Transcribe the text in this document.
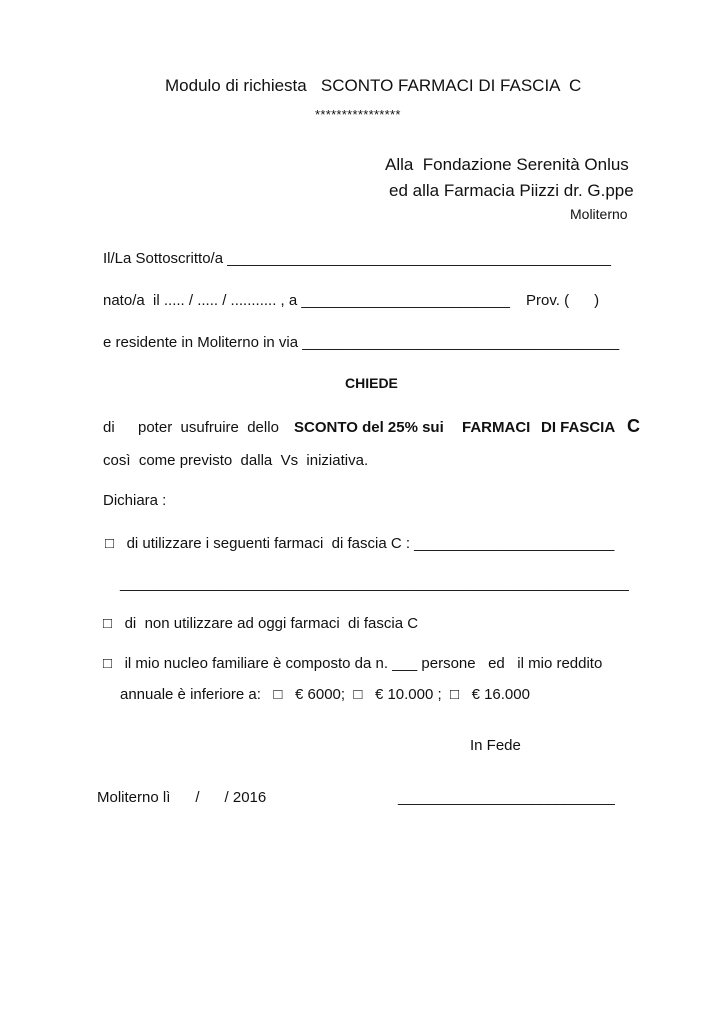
Modulo di richiesta   SCONTO FARMACI DI FASCIA  C
****************
Alla  Fondazione Serenità Onlus
ed alla Farmacia Piizzi dr. G.ppe
Moliterno
Il/La Sottoscritto/a ______________________________________________
nato/a  il ..... / ..... / ........... , a _________________________ Prov. (      )
e residente in Moliterno in via ______________________________________
CHIEDE
di poter  usufruire  dello SCONTO del 25% sui FARMACI DI FASCIA C
così  come previsto  dalla  Vs  iniziativa.
Dichiara :
□   di utilizzare i seguenti farmaci  di fascia C : ________________________
_____________________________________________________________
□   di  non utilizzare ad oggi farmaci  di fascia C
□   il mio nucleo familiare è composto da n. ___ persone   ed   il mio reddito
annuale è inferiore a:   □   € 6000;  □   € 10.000 ;  □   € 16.000
In Fede
Moliterno lì      /      / 2016	__________________________
